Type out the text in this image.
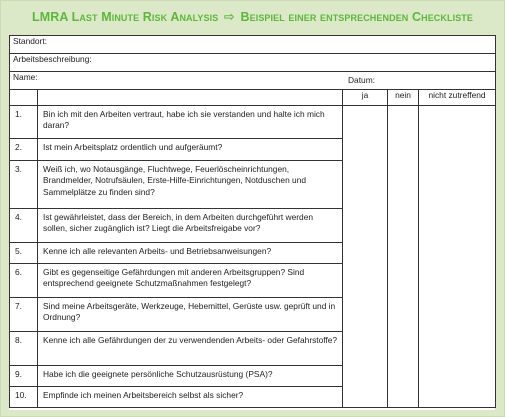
LMRA Last Minute Risk Analysis ⇨ Beispiel einer entsprechenden Checkliste
Standort:				
Arbeitsbeschreibung:				
Name: Datum:				

		ja	nein	nicht zutreffend
1.	Bin ich mit den Arbeiten vertraut, habe ich sie verstanden und halte ich mich daran?			
2.	Ist mein Arbeitsplatz ordentlich und aufgeräumt?			
3.	Weiß ich, wo Notausgänge, Fluchtwege, Feuerlöscheinrichtungen, Brandmelder, Notrufsäulen, Erste-Hilfe-Einrichtungen, Notduschen und Sammelplätze zu finden sind?			
4.	Ist gewährleistet, dass der Bereich, in dem Arbeiten durchgeführt werden sollen, sicher zugänglich ist? Liegt die Arbeitsfreigabe vor?			
5.	Kenne ich alle relevanten Arbeits- und Betriebsanweisungen?			
6.	Gibt es gegenseitige Gefährdungen mit anderen Arbeitsgruppen? Sind entsprechend geeignete Schutzmaßnahmen festgelegt?			
7.	Sind meine Arbeitsgeräte, Werkzeuge, Hebemittel, Gerüste usw. geprüft und in Ordnung?			
8.	Kenne ich alle Gefährdungen der zu verwendenden Arbeits- oder Gefahrstoffe?			
9.	Habe ich die geeignete persönliche Schutzausrüstung (PSA)?			
10.	Empfinde ich meinen Arbeitsbereich selbst als sicher?			
